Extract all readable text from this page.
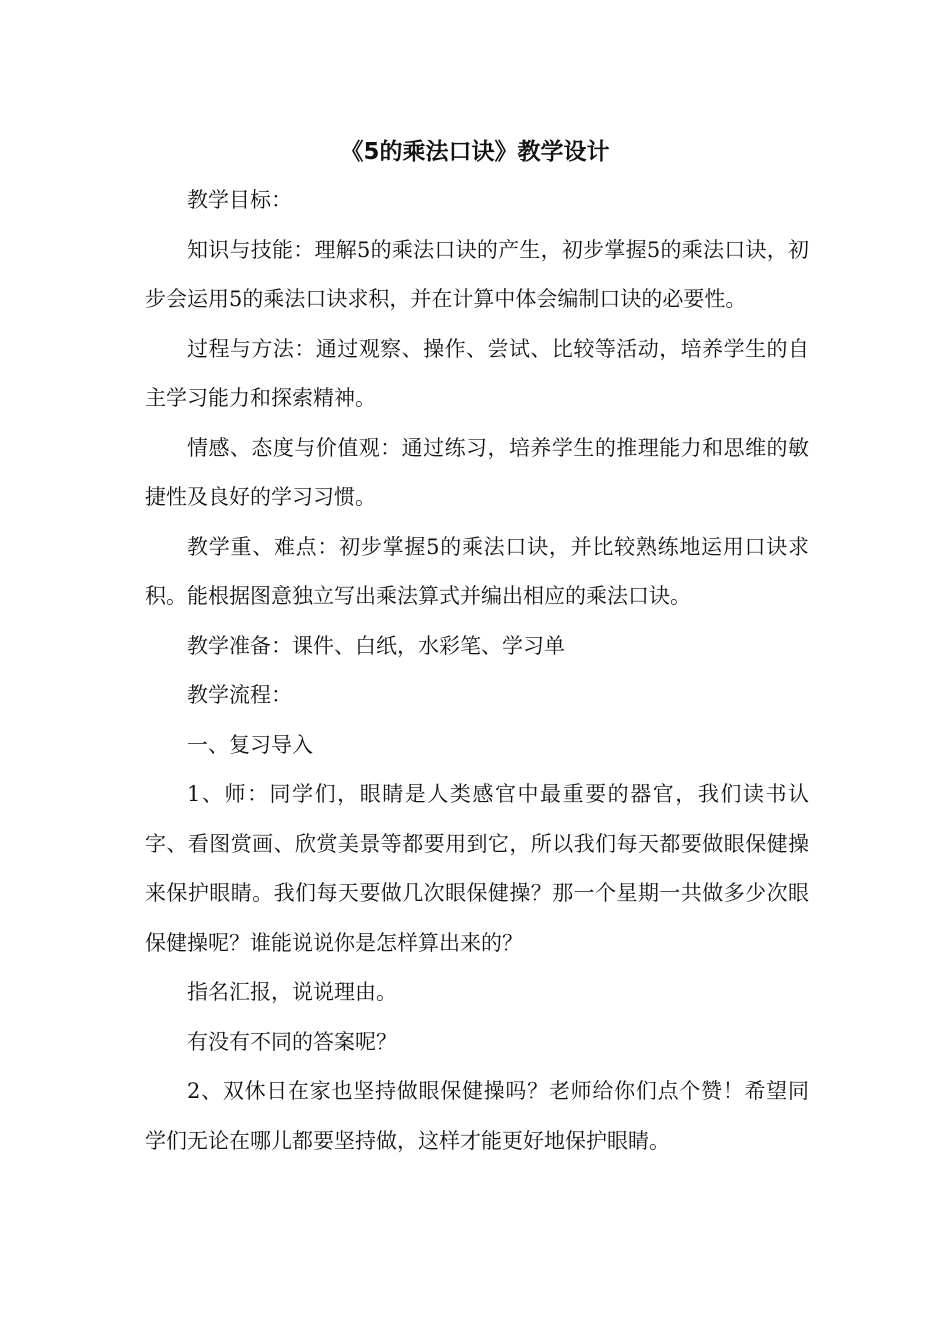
《5的乘法口诀》教学设计

教学目标：

知识与技能：理解5的乘法口诀的产生，初步掌握5的乘法口诀，初步会运用5的乘法口诀求积，并在计算中体会编制口诀的必要性。

过程与方法：通过观察、操作、尝试、比较等活动，培养学生的自主学习能力和探索精神。

情感、态度与价值观：通过练习，培养学生的推理能力和思维的敏捷性及良好的学习习惯。

教学重、难点：初步掌握5的乘法口诀，并比较熟练地运用口诀求积。能根据图意独立写出乘法算式并编出相应的乘法口诀。

教学准备：课件、白纸，水彩笔、学习单

教学流程：

一、复习导入

1、师：同学们，眼睛是人类感官中最重要的器官，我们读书认字、看图赏画、欣赏美景等都要用到它，所以我们每天都要做眼保健操来保护眼睛。我们每天要做几次眼保健操？那一个星期一共做多少次眼保健操呢？谁能说说你是怎样算出来的？

指名汇报，说说理由。

有没有不同的答案呢？

2、双休日在家也坚持做眼保健操吗？老师给你们点个赞！希望同学们无论在哪儿都要坚持做，这样才能更好地保护眼睛。
